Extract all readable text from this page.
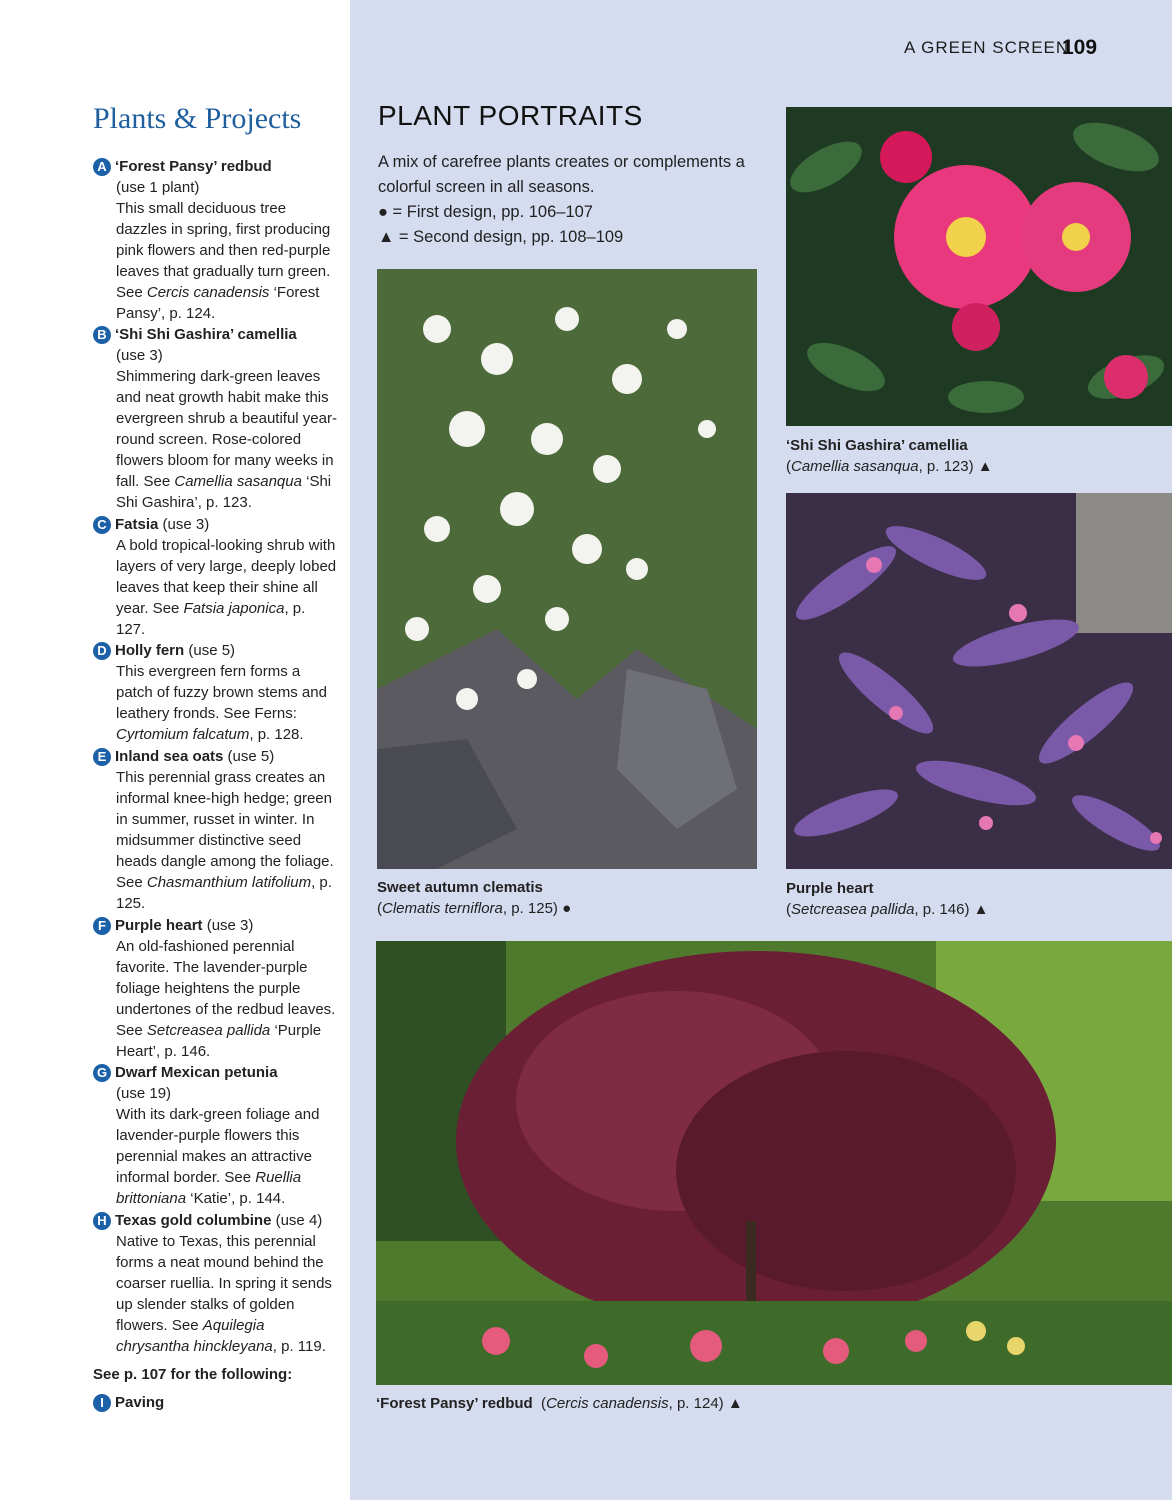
A GREEN SCREEN
109
Plants & Projects
A ‘Forest Pansy’ redbud
(use 1 plant)
This small deciduous tree dazzles in spring, first producing pink flowers and then red-purple leaves that gradually turn green. See Cercis canadensis ‘Forest Pansy’, p. 124.
B ‘Shi Shi Gashira’ camellia
(use 3)
Shimmering dark-green leaves and neat growth habit make this evergreen shrub a beautiful year-round screen. Rose-colored flowers bloom for many weeks in fall. See Camellia sasanqua ‘Shi Shi Gashira’, p. 123.
C Fatsia (use 3)
A bold tropical-looking shrub with layers of very large, deeply lobed leaves that keep their shine all year. See Fatsia japonica, p. 127.
D Holly fern (use 5)
This evergreen fern forms a patch of fuzzy brown stems and leathery fronds. See Ferns: Cyrtomium falcatum, p. 128.
E Inland sea oats (use 5)
This perennial grass creates an informal knee-high hedge; green in summer, russet in winter. In midsummer distinctive seed heads dangle among the foliage. See Chasmanthium latifolium, p. 125.
F Purple heart (use 3)
An old-fashioned perennial favorite. The lavender-purple foliage heightens the purple undertones of the redbud leaves. See Setcreasea pallida ‘Purple Heart’, p. 146.
G Dwarf Mexican petunia
(use 19)
With its dark-green foliage and lavender-purple flowers this perennial makes an attractive informal border. See Ruellia brittoniana ‘Katie’, p. 144.
H Texas gold columbine (use 4)
Native to Texas, this perennial forms a neat mound behind the coarser ruellia. In spring it sends up slender stalks of golden flowers. See Aquilegia chrysantha hinckleyana, p. 119.
See p. 107 for the following:
I Paving
PLANT PORTRAITS
A mix of carefree plants creates or complements a colorful screen in all seasons.
● = First design, pp. 106–107
▲ = Second design, pp. 108–109
Sweet autumn clematis
(Clematis terniflora, p. 125) ●
‘Shi Shi Gashira’ camellia
(Camellia sasanqua, p. 123) ▲
Purple heart
(Setcreasea pallida, p. 146) ▲
‘Forest Pansy’ redbud  (Cercis canadensis, p. 124) ▲
